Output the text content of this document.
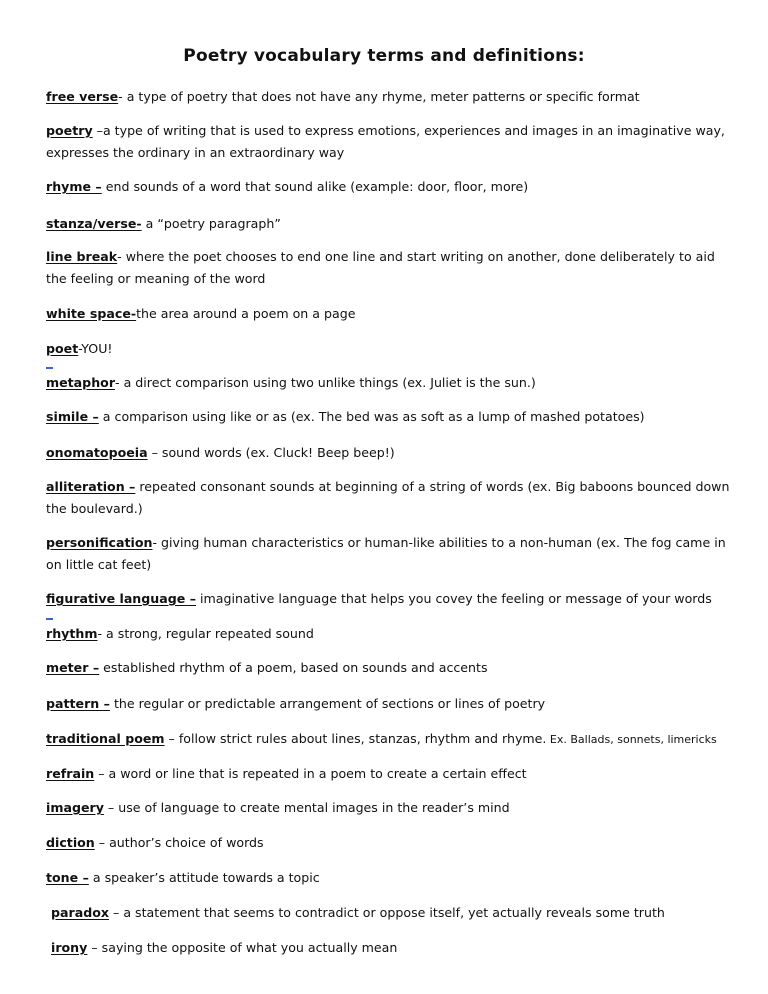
Poetry vocabulary terms and definitions:
free verse- a type of poetry that does not have any rhyme, meter patterns or specific format
poetry –a type of writing that is used to express emotions, experiences and images in an imaginative way, expresses the ordinary in an extraordinary way
rhyme – end sounds of a word that sound alike (example: door, floor, more)
stanza/verse- a “poetry paragraph”
line break- where the poet chooses to end one line and start writing on another, done deliberately to aid the feeling or meaning of the word
white space-the area around a poem on a page
poet-YOU!
metaphor- a direct comparison using two unlike things (ex. Juliet is the sun.)
simile – a comparison using like or as (ex. The bed was as soft as a lump of mashed potatoes)
onomatopoeia – sound words (ex. Cluck! Beep beep!)
alliteration – repeated consonant sounds at beginning of a string of words (ex. Big baboons bounced down the boulevard.)
personification- giving human characteristics or human-like abilities to a non-human (ex. The fog came in on little cat feet)
figurative language – imaginative language that helps you covey the feeling or message of your words
rhythm- a strong, regular repeated sound
meter – established rhythm of a poem, based on sounds and accents
pattern – the regular or predictable arrangement of sections or lines of poetry
traditional poem – follow strict rules about lines, stanzas, rhythm and rhyme. Ex. Ballads, sonnets, limericks
refrain – a word or line that is repeated in a poem to create a certain effect
imagery – use of language to create mental images in the reader’s mind
diction – author’s choice of words
tone – a speaker’s attitude towards a topic
paradox – a statement that seems to contradict or oppose itself, yet actually reveals some truth
irony – saying the opposite of what you actually mean
